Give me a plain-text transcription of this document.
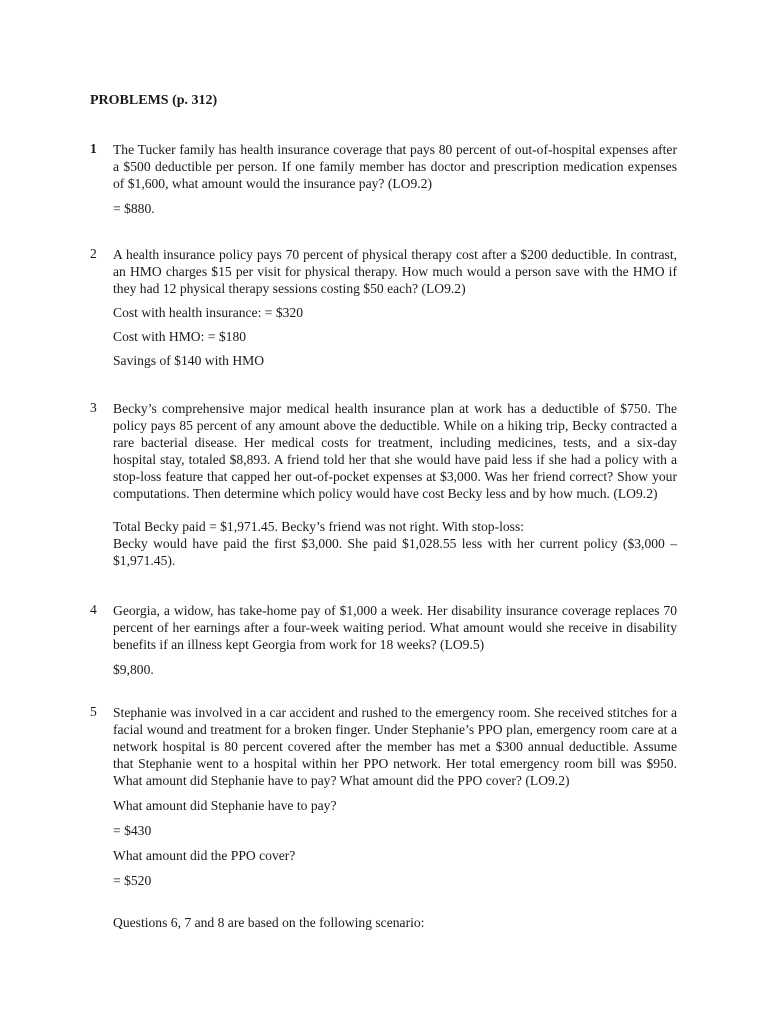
PROBLEMS (p. 312)

1 The Tucker family has health insurance coverage that pays 80 percent of out-of-hospital expenses after a $500 deductible per person. If one family member has doctor and prescription medication expenses of $1,600, what amount would the insurance pay? (LO9.2)

= $880.

2 A health insurance policy pays 70 percent of physical therapy cost after a $200 deductible. In contrast, an HMO charges $15 per visit for physical therapy. How much would a person save with the HMO if they had 12 physical therapy sessions costing $50 each? (LO9.2)

Cost with health insurance: = $320

Cost with HMO: = $180

Savings of $140 with HMO

3 Becky’s comprehensive major medical health insurance plan at work has a deductible of $750. The policy pays 85 percent of any amount above the deductible. While on a hiking trip, Becky contracted a rare bacterial disease. Her medical costs for treatment, including medicines, tests, and a six-day hospital stay, totaled $8,893. A friend told her that she would have paid less if she had a policy with a stop-loss feature that capped her out-of-pocket expenses at $3,000. Was her friend correct? Show your computations. Then determine which policy would have cost Becky less and by how much. (LO9.2)

Total Becky paid = $1,971.45. Becky’s friend was not right. With stop-loss:

Becky would have paid the first $3,000. She paid $1,028.55 less with her current policy ($3,000 – $1,971.45).

4 Georgia, a widow, has take-home pay of $1,000 a week. Her disability insurance coverage replaces 70 percent of her earnings after a four-week waiting period. What amount would she receive in disability benefits if an illness kept Georgia from work for 18 weeks? (LO9.5)

$9,800.

5 Stephanie was involved in a car accident and rushed to the emergency room. She received stitches for a facial wound and treatment for a broken finger. Under Stephanie’s PPO plan, emergency room care at a network hospital is 80 percent covered after the member has met a $300 annual deductible. Assume that Stephanie went to a hospital within her PPO network. Her total emergency room bill was $950. What amount did Stephanie have to pay? What amount did the PPO cover? (LO9.2)

What amount did Stephanie have to pay?

= $430

What amount did the PPO cover?

= $520

Questions 6, 7 and 8 are based on the following scenario:
